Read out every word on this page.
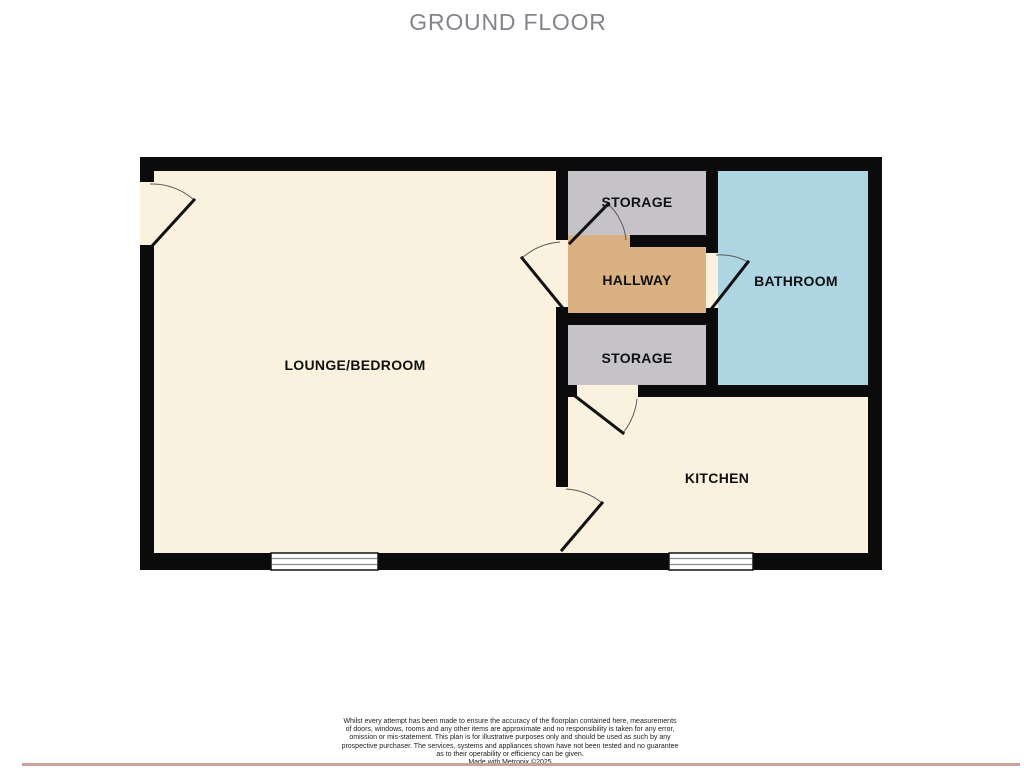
GROUND FLOOR
LOUNGE/BEDROOM
STORAGE
HALLWAY	BATHROOM
STORAGE
KITCHEN
Whilst every attempt has been made to ensure the accuracy of the floorplan contained here, measurements
of doors, windows, rooms and any other items are approximate and no responsibility is taken for any error,
omission or mis-statement. This plan is for illustrative purposes only and should be used as such by any
prospective purchaser. The services, systems and appliances shown have not been tested and no guarantee
as to their operability or efficiency can be given.
